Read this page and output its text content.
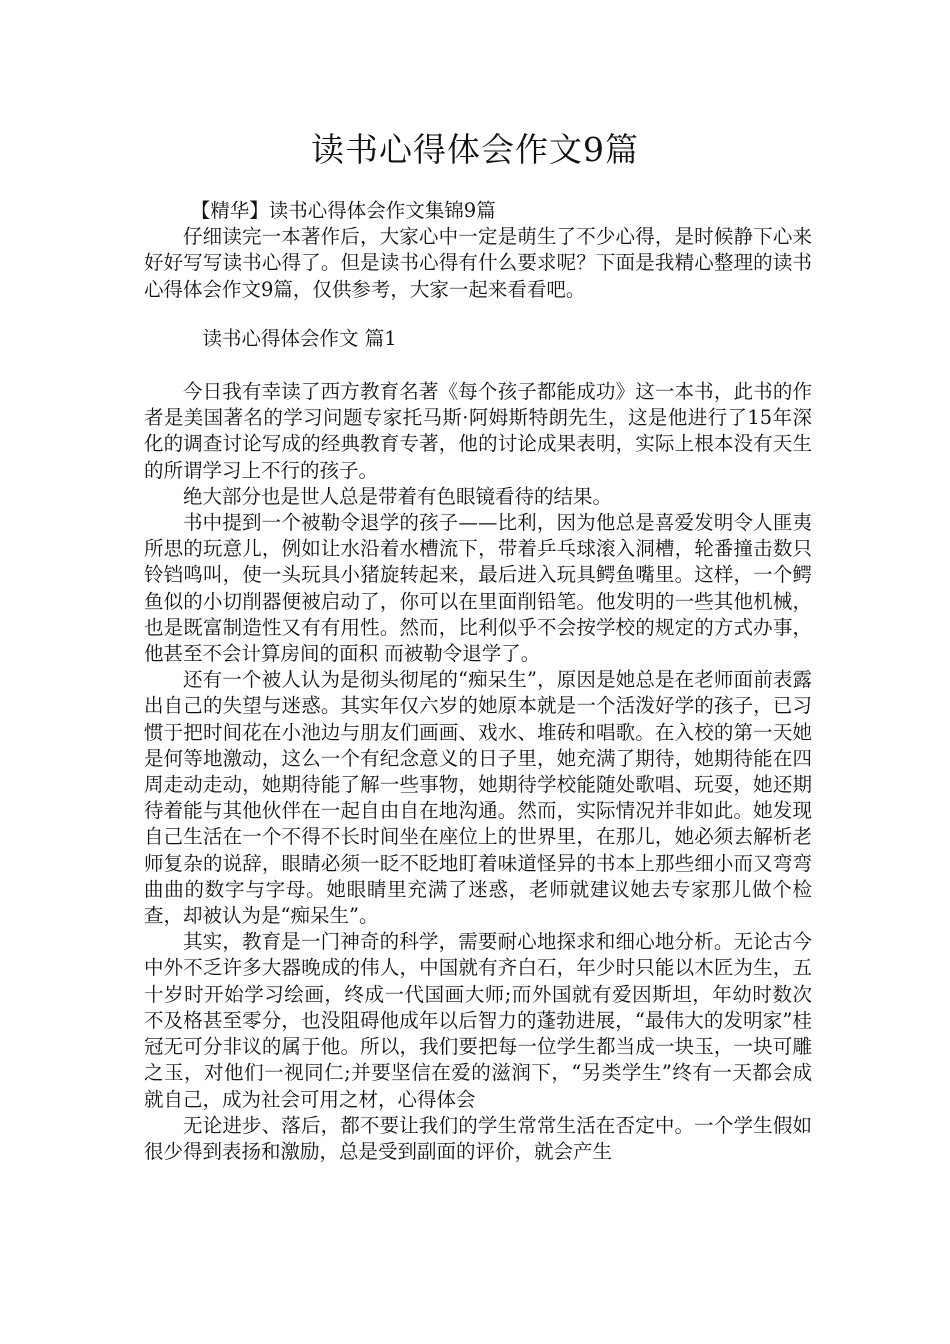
读书心得体会作文9篇

【精华】读书心得体会作文集锦9篇

仔细读完一本著作后，大家心中一定是萌生了不少心得，是时候静下心来好好写写读书心得了。但是读书心得有什么要求呢？下面是我精心整理的读书心得体会作文9篇，仅供参考，大家一起来看看吧。

读书心得体会作文 篇1

今日我有幸读了西方教育名著《每个孩子都能成功》这一本书，此书的作者是美国著名的学习问题专家托马斯·阿姆斯特朗先生，这是他进行了15年深化的调查讨论写成的经典教育专著，他的讨论成果表明，实际上根本没有天生的所谓学习上不行的孩子。

绝大部分也是世人总是带着有色眼镜看待的结果。

书中提到一个被勒令退学的孩子——比利，因为他总是喜爱发明令人匪夷所思的玩意儿，例如让水沿着水槽流下，带着乒乓球滚入洞槽，轮番撞击数只铃铛鸣叫，使一头玩具小猪旋转起来，最后进入玩具鳄鱼嘴里。这样，一个鳄鱼似的小切削器便被启动了，你可以在里面削铅笔。他发明的一些其他机械，也是既富制造性又有有用性。然而，比利似乎不会按学校的规定的方式办事，他甚至不会计算房间的面积 而被勒令退学了。

还有一个被人认为是彻头彻尾的“痴呆生”，原因是她总是在老师面前表露出自己的失望与迷惑。其实年仅六岁的她原本就是一个活泼好学的孩子，已习惯于把时间花在小池边与朋友们画画、戏水、堆砖和唱歌。在入校的第一天她是何等地激动，这么一个有纪念意义的日子里，她充满了期待，她期待能在四周走动走动，她期待能了解一些事物，她期待学校能随处歌唱、玩耍，她还期待着能与其他伙伴在一起自由自在地沟通。然而，实际情况并非如此。她发现自己生活在一个不得不长时间坐在座位上的世界里，在那儿，她必须去解析老师复杂的说辞，眼睛必须一眨不眨地盯着味道怪异的书本上那些细小而又弯弯曲曲的数字与字母。她眼睛里充满了迷惑，老师就建议她去专家那儿做个检查，却被认为是“痴呆生”。

其实，教育是一门神奇的科学，需要耐心地探求和细心地分析。无论古今中外不乏许多大器晚成的伟人，中国就有齐白石，年少时只能以木匠为生，五十岁时开始学习绘画，终成一代国画大师;而外国就有爱因斯坦，年幼时数次不及格甚至零分，也没阻碍他成年以后智力的蓬勃进展，“最伟大的发明家”桂冠无可分非议的属于他。所以，我们要把每一位学生都当成一块玉，一块可雕之玉，对他们一视同仁;并要坚信在爱的滋润下，“另类学生”终有一天都会成就自己，成为社会可用之材，心得体会

无论进步、落后，都不要让我们的学生常常生活在否定中。一个学生假如很少得到表扬和激励，总是受到副面的评价，就会产生
